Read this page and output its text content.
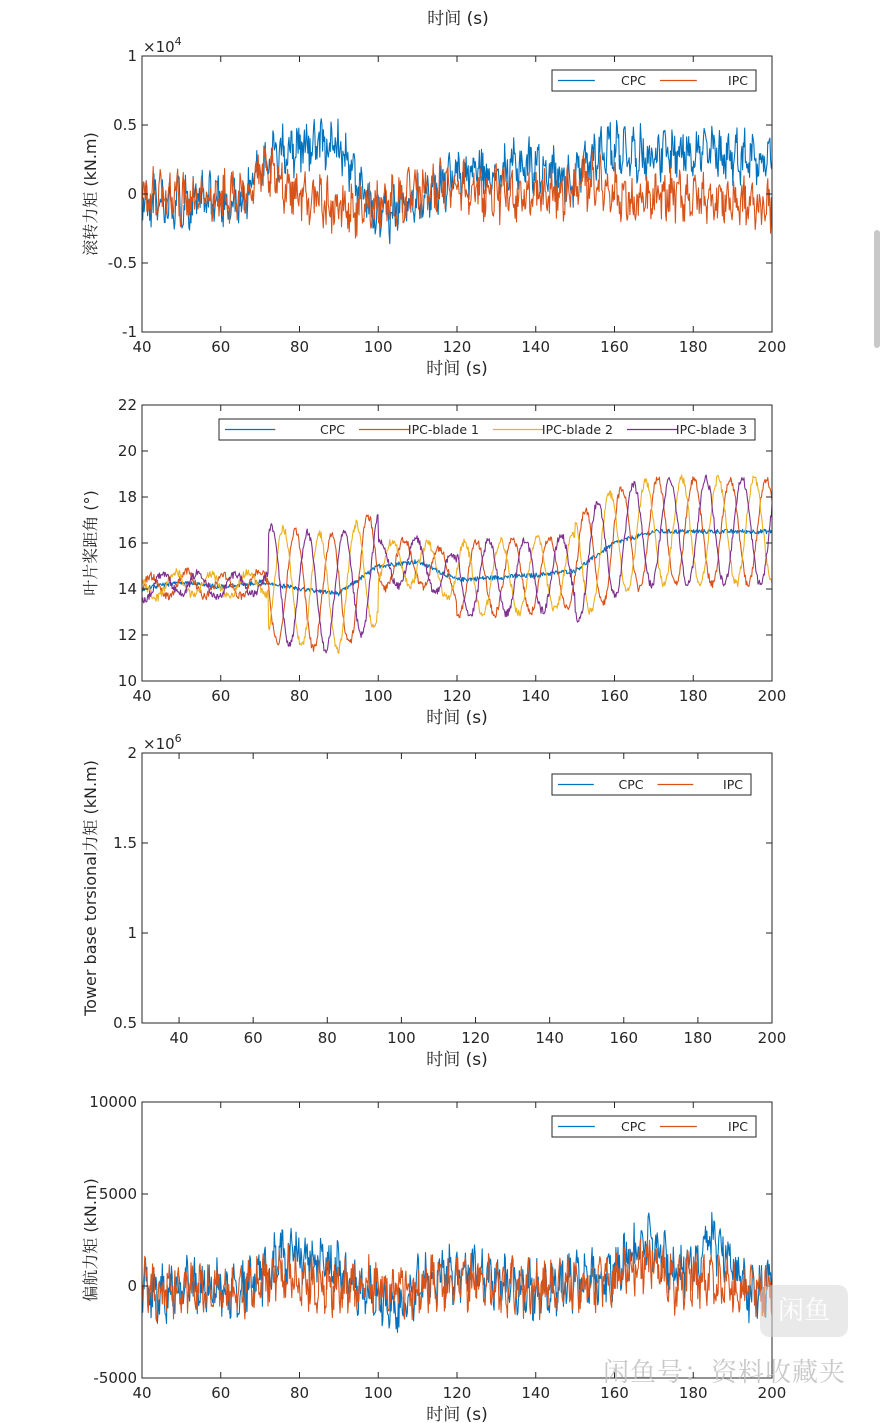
时间 (s)
40	60	80	100	120	140	160	180	200
-1
-0.5
0
0.5
$1 \times 10^4$
时间 (s)
滚转力矩 (kN.m)
CPC	IPC
40	60	80	100	120	140	160	180	200
10
12
14
16
18
20
22
时间 (s)
叶片桨距角 (°)
CPC	IPC-blade 1	IPC-blade 2	IPC-blade 3
40	60	80	100	120	140	160	180	200
0.5
1
1.5
$2 \times 10^6$
时间 (s)
Tower base torsional力矩 (kN.m)	CPC	IPC
40	60	80	100	120	140	160	180	200
-5000
0
5000
10000
时间 (s)
偏航力矩 (kN.m)
CPC	IPC
闲鱼
闲鱼号：资料收藏夹
